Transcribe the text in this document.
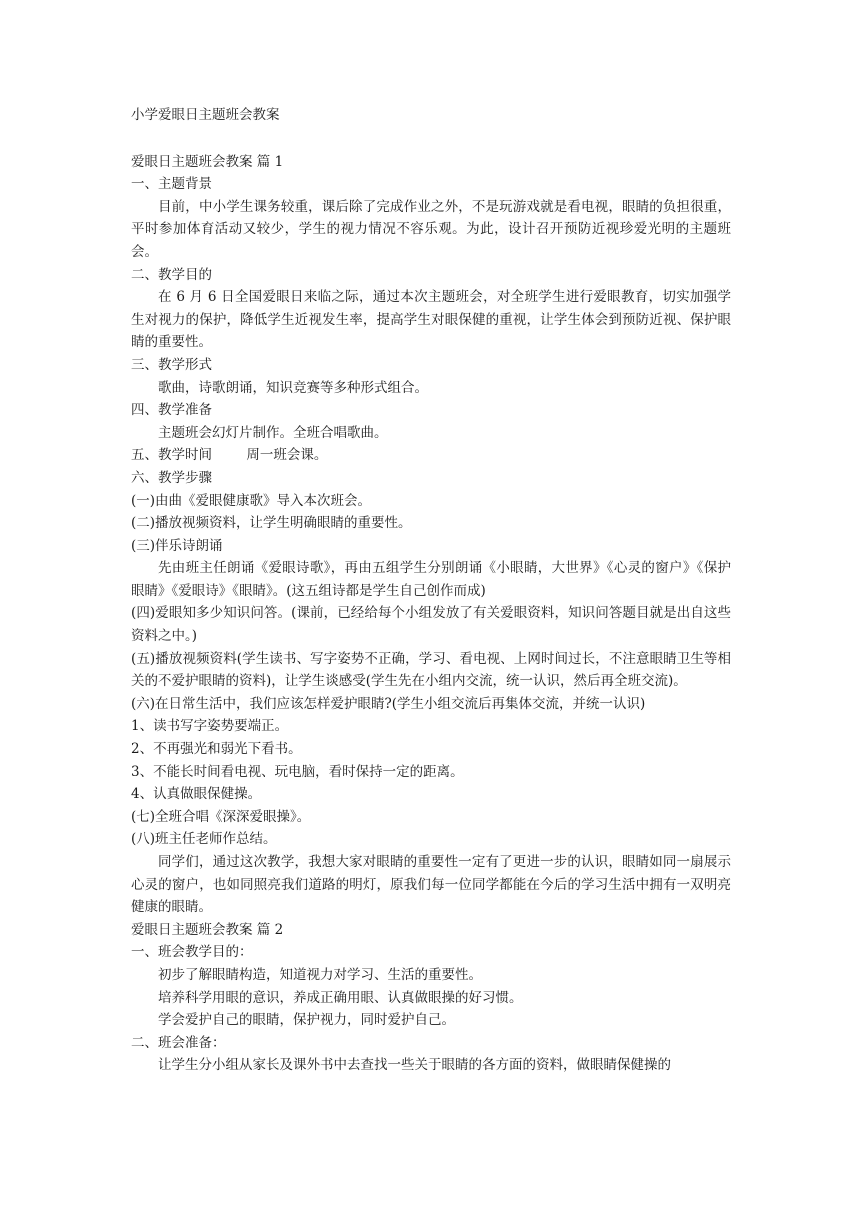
小学爱眼日主题班会教案

爱眼日主题班会教案 篇 1

一、主题背景

目前，中小学生课务较重，课后除了完成作业之外，不是玩游戏就是看电视，眼睛的负担很重，平时参加体育活动又较少，学生的视力情况不容乐观。为此，设计召开预防近视珍爱光明的主题班会。

二、教学目的

在 6 月 6 日全国爱眼日来临之际，通过本次主题班会，对全班学生进行爱眼教育，切实加强学生对视力的保护，降低学生近视发生率，提高学生对眼保健的重视，让学生体会到预防近视、保护眼睛的重要性。

三、教学形式

歌曲，诗歌朗诵，知识竞赛等多种形式组合。

四、教学准备

主题班会幻灯片制作。全班合唱歌曲。

五、教学时间        周一班会课。

六、教学步骤

(一)由曲《爱眼健康歌》导入本次班会。

(二)播放视频资料，让学生明确眼睛的重要性。

(三)伴乐诗朗诵

先由班主任朗诵《爱眼诗歌》，再由五组学生分别朗诵《小眼睛，大世界》《心灵的窗户》《保护眼睛》《爱眼诗》《眼睛》。(这五组诗都是学生自己创作而成)

(四)爱眼知多少知识问答。(课前，已经给每个小组发放了有关爱眼资料，知识问答题目就是出自这些资料之中。)

(五)播放视频资料(学生读书、写字姿势不正确，学习、看电视、上网时间过长，不注意眼睛卫生等相关的不爱护眼睛的资料)，让学生谈感受(学生先在小组内交流，统一认识，然后再全班交流)。

(六)在日常生活中，我们应该怎样爱护眼睛?(学生小组交流后再集体交流，并统一认识)

1、读书写字姿势要端正。

2、不再强光和弱光下看书。

3、不能长时间看电视、玩电脑，看时保持一定的距离。

4、认真做眼保健操。

(七)全班合唱《深深爱眼操》。

(八)班主任老师作总结。

同学们，通过这次教学，我想大家对眼睛的重要性一定有了更进一步的认识，眼睛如同一扇展示心灵的窗户，也如同照亮我们道路的明灯，原我们每一位同学都能在今后的学习生活中拥有一双明亮健康的眼睛。

爱眼日主题班会教案 篇 2

一、班会教学目的：

初步了解眼睛构造，知道视力对学习、生活的重要性。

培养科学用眼的意识，养成正确用眼、认真做眼操的好习惯。

学会爱护自己的眼睛，保护视力，同时爱护自己。

二、班会准备：

让学生分小组从家长及课外书中去查找一些关于眼睛的各方面的资料，做眼睛保健操的
